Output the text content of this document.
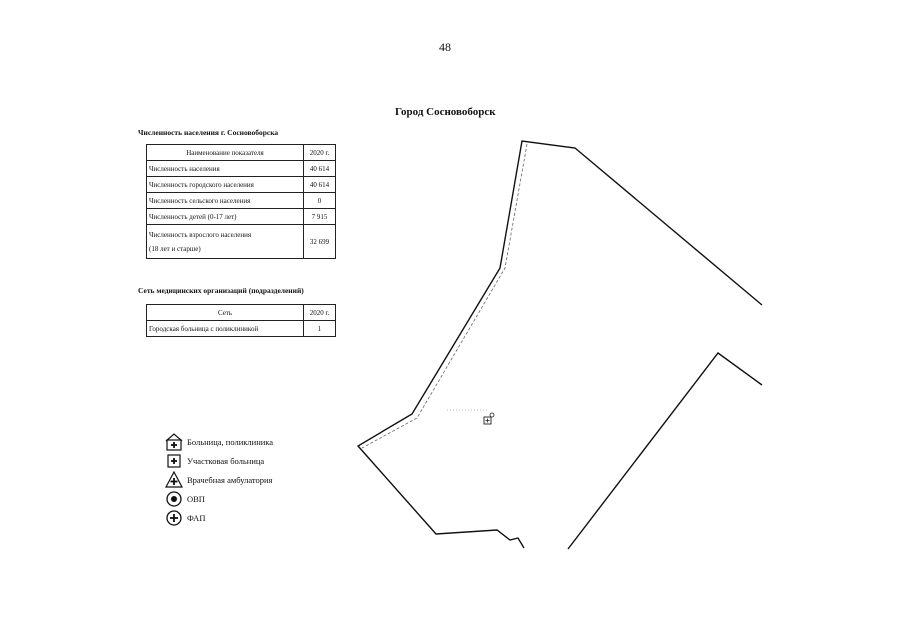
48
Численность населения г. Сосновоборска
Наименование показателя	2020 г.
Численность населения	40 614
Численность городского населения	40 614
Численность сельского населения	0
Численность детей (0-17 лет)	7 915

Численность взрослого населения
(18 лет и старше)	32 699
Сеть медицинских организаций (подразделений)
Сеть	2020 г.
Городская больница с поликлиникой	1
Город Сосновоборск
Больница, поликлиника
Участковая больница
Врачебная амбулатория
ОВП
ФАП
